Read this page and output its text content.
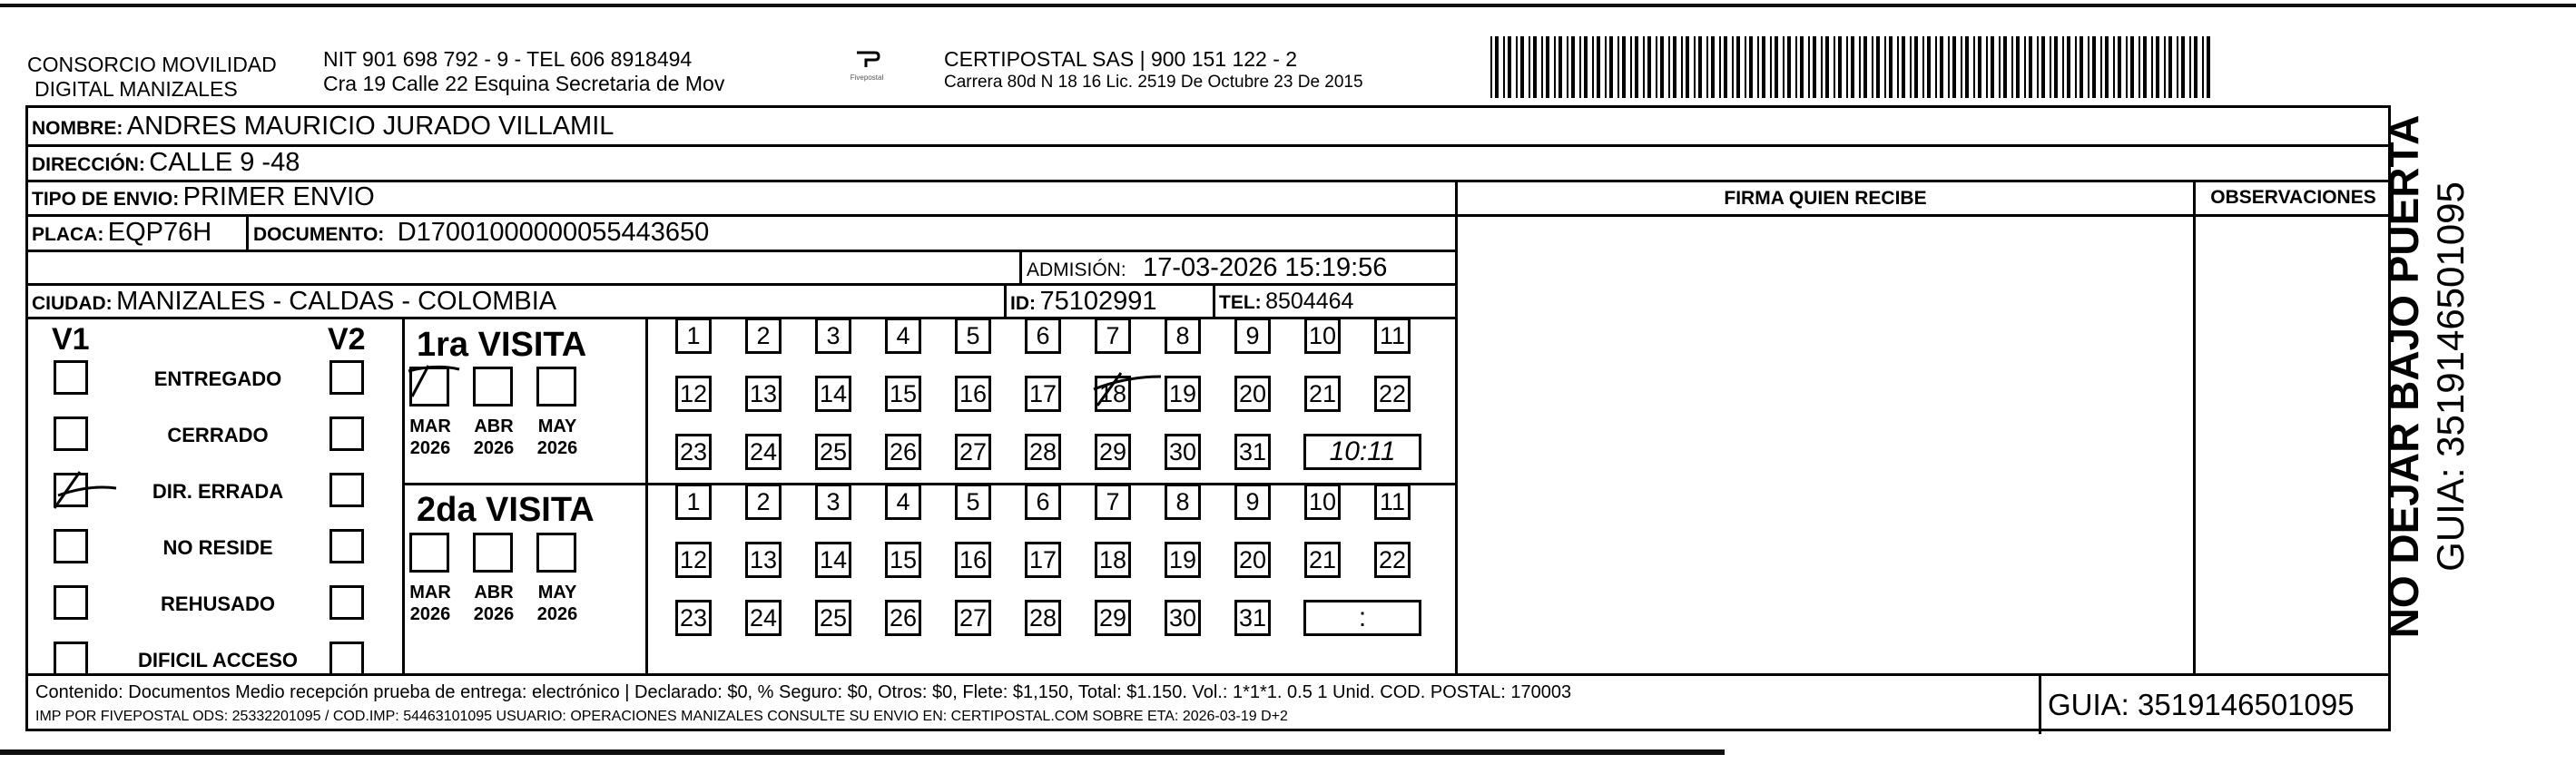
CONSORCIO MOVILIDAD
DIGITAL MANIZALES
NIT 901 698 792 - 9 - TEL 606 8918494
Cra 19 Calle 22 Esquina Secretaria de Mov	Fivepostal
CERTIPOSTAL SAS | 900 151 122 - 2
Carrera 80d N 18 16 Lic. 2519 De Octubre 23 De 2015
NOMBRE: ANDRES MAURICIO JURADO VILLAMIL
DIRECCIÓN: CALLE 9 -48
TIPO DE ENVIO: PRIMER ENVIO	FIRMA QUIEN RECIBE	OBSERVACIONES
PLACA: EQP76H DOCUMENTO: D17001000000055443650
ADMISIÓN: 17-03-2026 15:19:56
CIUDAD: MANIZALES - CALDAS - COLOMBIA	ID: 75102991	TEL: 8504464
V1	V2
ENTREGADO
CERRADO
DIR. ERRADA
NO RESIDE
REHUSADO
DIFICIL ACCESO
1ra VISITA
2da VISITA
MAR
2026
ABR
2026
MAY
2026
1	2	3	4	5	6	7	8	9	10 11
12 13 14 15 16 17 18 19 20 21 22
23 24 25 26 27 28 29 30 31	10:11
MAR
2026
ABR
2026
MAY
2026
1	2	3	4	5	6	7	8	9	10 11
12 13 14 15 16 17 18 19 20 21 22
23 24 25 26 27 28 29 30 31	:
Contenido: Documentos Medio recepción prueba de entrega: electrónico | Declarado: $0, % Seguro: $0, Otros: $0, Flete: $1,150, Total: $1.150. Vol.: 1*1*1. 0.5 1 Unid. COD. POSTAL: 170003
IMP POR FIVEPOSTAL ODS: 25332201095 / COD.IMP: 54463101095 USUARIO: OPERACIONES MANIZALES CONSULTE SU ENVIO EN: CERTIPOSTAL.COM SOBRE ETA: 2026-03-19 D+2	GUIA: 3519146501095
NO DEJAR BAJO PUERTA GUIA: 3519146501095
